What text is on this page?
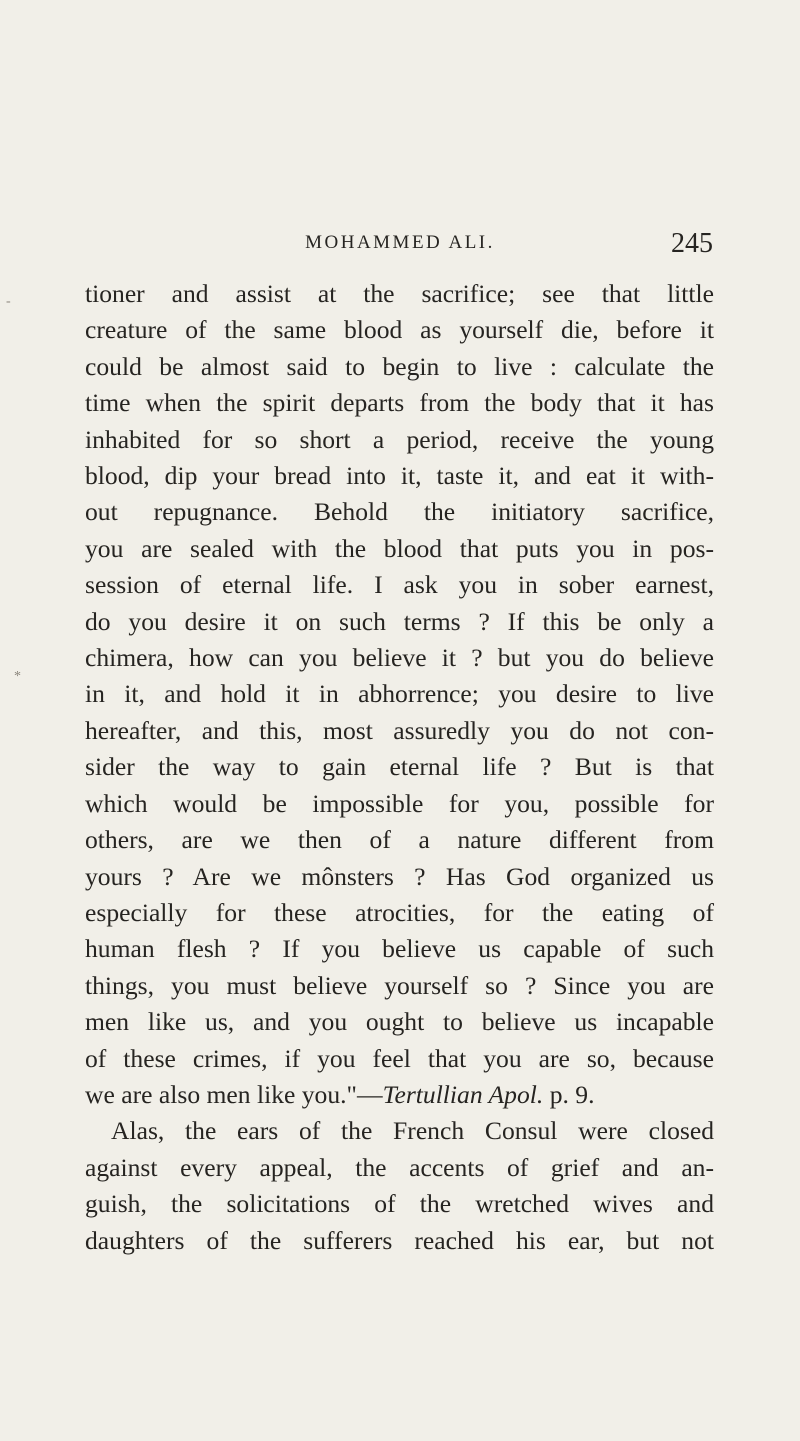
MOHAMMED ALI.	245
-
*
tioner and assist at the sacrifice; see that little
creature of the same blood as yourself die, before it
could be almost said to begin to live : calculate the
time when the spirit departs from the body that it has
inhabited for so short a period, receive the young
blood, dip your bread into it, taste it, and eat it with-
out repugnance. Behold the initiatory sacrifice,
you are sealed with the blood that puts you in pos-
session of eternal life. I ask you in sober earnest,
do you desire it on such terms ? If this be only a
chimera, how can you believe it ? but you do believe
in it, and hold it in abhorrence; you desire to live
hereafter, and this, most assuredly you do not con-
sider the way to gain eternal life ? But is that
which would be impossible for you, possible for
others, are we then of a nature different from
yours ? Are we mônsters ? Has God organized us
especially for these atrocities, for the eating of
human flesh ? If you believe us capable of such
things, you must believe yourself so ? Since you are
men like us, and you ought to believe us incapable
of these crimes, if you feel that you are so, because
we are also men like you."—Tertullian Apol. p. 9.
Alas, the ears of the French Consul were closed
against every appeal, the accents of grief and an-
guish, the solicitations of the wretched wives and
daughters of the sufferers reached his ear, but not
